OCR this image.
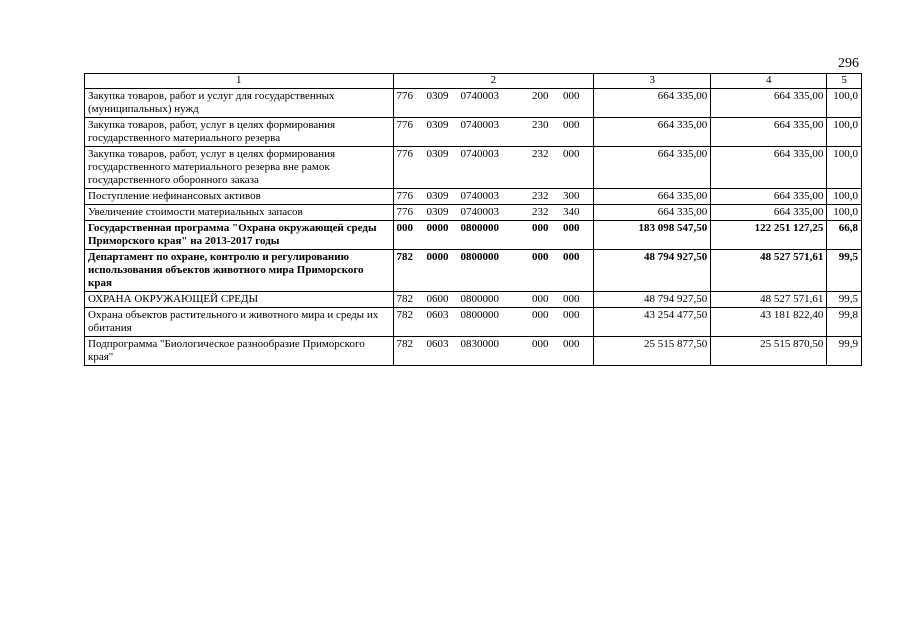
296
1	2	3	4	5
Закупка товаров, работ и услуг для государственных (муниципальных) нужд	776 0309 0740003 200 000	664 335,00	664 335,00	100,0
Закупка товаров, работ, услуг в целях формирования государственного материального резерва	776 0309 0740003 230 000	664 335,00	664 335,00	100,0
Закупка товаров, работ, услуг в целях формирования государственного материального резерва вне рамок государственного оборонного заказа	776 0309 0740003 232 000	664 335,00	664 335,00	100,0
Поступление нефинансовых активов	776 0309 0740003 232 300	664 335,00	664 335,00	100,0
Увеличение стоимости материальных запасов	776 0309 0740003 232 340	664 335,00	664 335,00	100,0
Государственная программа "Охрана окружающей среды Приморского края" на 2013-2017 годы	000 0000 0800000 000 000	183 098 547,50	122 251 127,25	66,8
Департамент по охране, контролю и регулированию использования объектов животного мира Приморского края	782 0000 0800000 000 000	48 794 927,50	48 527 571,61	99,5
ОХРАНА ОКРУЖАЮЩЕЙ СРЕДЫ	782 0600 0800000 000 000	48 794 927,50	48 527 571,61	99,5
Охрана объектов растительного и животного мира и среды их обитания	782 0603 0800000 000 000	43 254 477,50	43 181 822,40	99,8
Подпрограмма "Биологическое разнообразие Приморского края"	782 0603 0830000 000 000	25 515 877,50	25 515 870,50	99,9
